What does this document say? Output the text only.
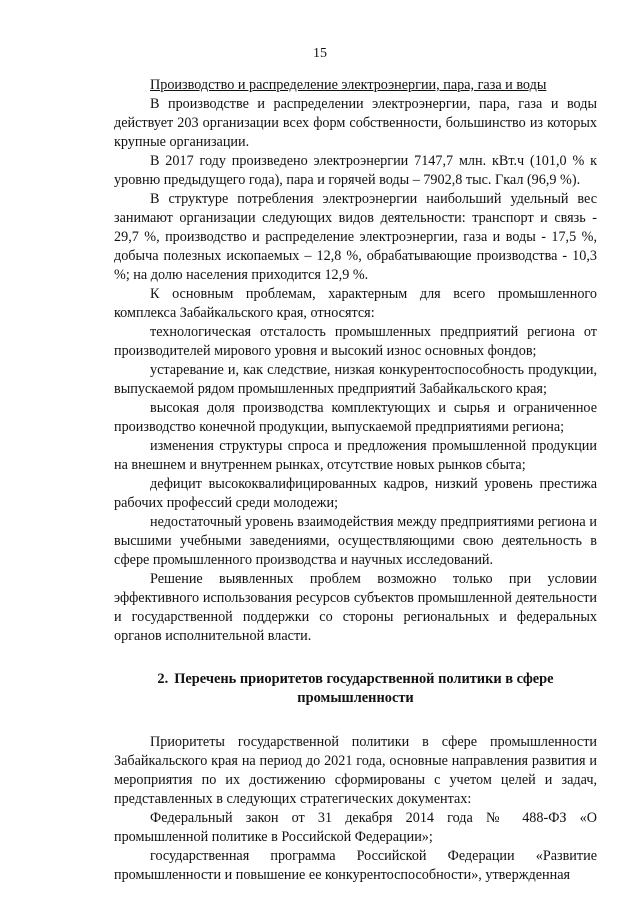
15

Производство и распределение электроэнергии, пара, газа и воды

В производстве и распределении электроэнергии, пара, газа и воды действует 203 организации всех форм собственности, большинство из которых крупные организации.

В 2017 году произведено электроэнергии 7147,7 млн. кВт.ч (101,0 % к уровню предыдущего года), пара и горячей воды – 7902,8 тыс. Гкал (96,9 %).

В структуре потребления электроэнергии наибольший удельный вес занимают организации следующих видов деятельности: транспорт и связь - 29,7 %, производство и распределение электроэнергии, газа и воды - 17,5 %, добыча полезных ископаемых – 12,8 %, обрабатывающие производства - 10,3 %; на долю населения приходится 12,9 %.

К основным проблемам, характерным для всего промышленного комплекса Забайкальского края, относятся:

технологическая отсталость промышленных предприятий региона от производителей мирового уровня и высокий износ основных фондов;

устаревание и, как следствие, низкая конкурентоспособность продукции, выпускаемой рядом промышленных предприятий Забайкальского края;

высокая доля производства комплектующих и сырья и ограниченное производство конечной продукции, выпускаемой предприятиями региона;

изменения структуры спроса и предложения промышленной продукции на внешнем и внутреннем рынках, отсутствие новых рынков сбыта;

дефицит высококвалифицированных кадров, низкий уровень престижа рабочих профессий среди молодежи;

недостаточный уровень взаимодействия между предприятиями региона и высшими учебными заведениями, осуществляющими свою деятельность в сфере промышленного производства и научных исследований.

Решение выявленных проблем возможно только при условии эффективного использования ресурсов субъектов промышленной деятельности и государственной поддержки со стороны региональных и федеральных органов исполнительной власти.

2. Перечень приоритетов государственной политики в сфере
промышленности

Приоритеты государственной политики в сфере промышленности Забайкальского края на период до 2021 года, основные направления развития и мероприятия по их достижению сформированы с учетом целей и задач, представленных в следующих стратегических документах:

Федеральный закон от 31 декабря 2014 года № 488-ФЗ «О промышленной политике в Российской Федерации»;

государственная программа Российской Федерации «Развитие промышленности и повышение ее конкурентоспособности», утвержденная
